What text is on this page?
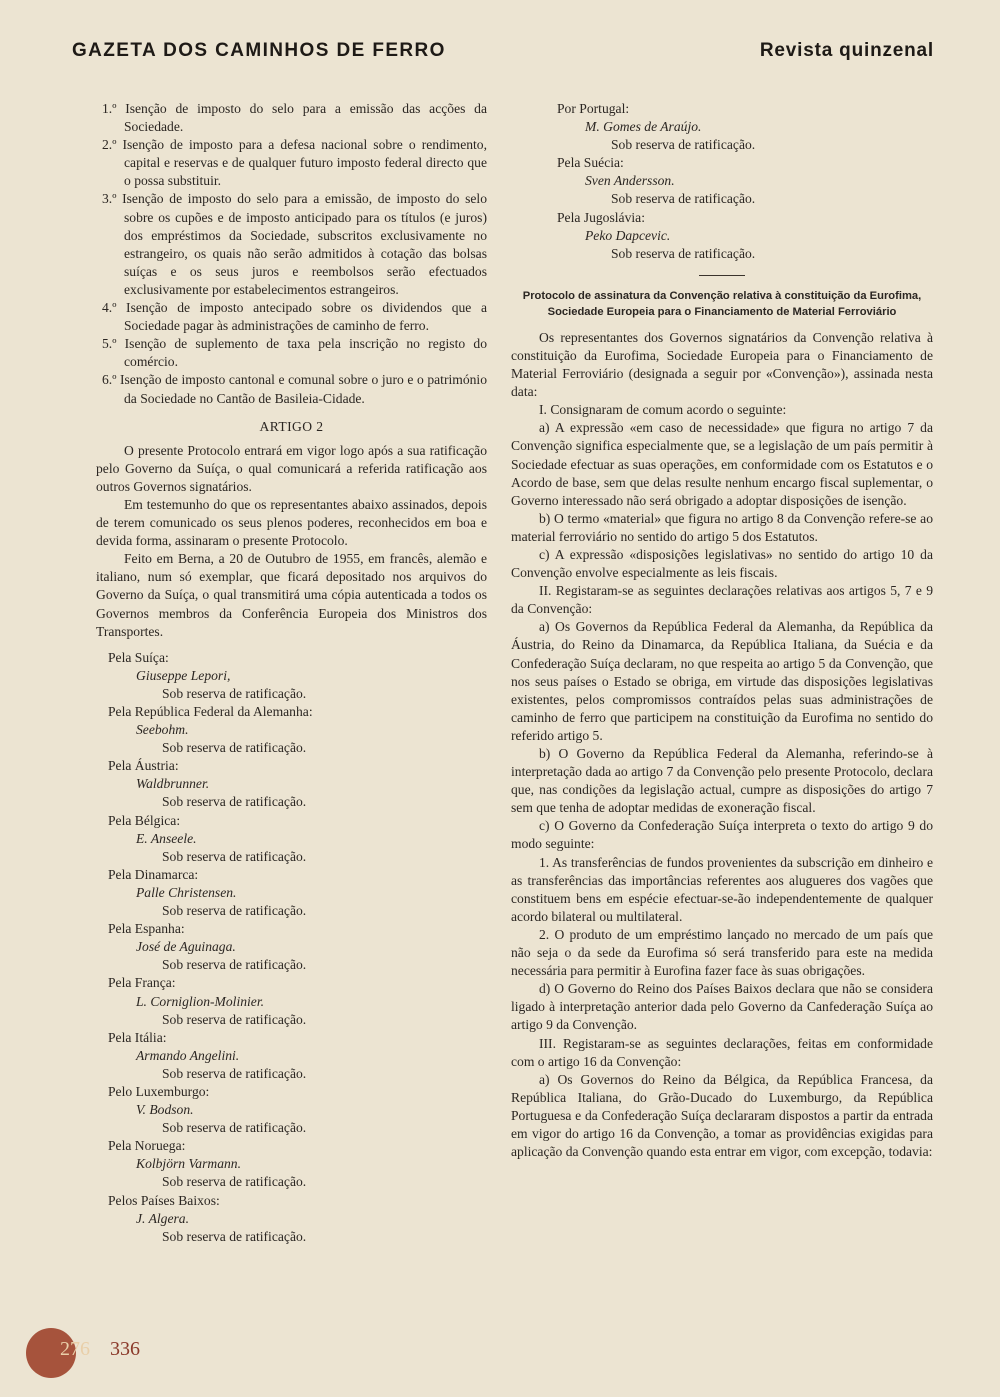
GAZETA DOS CAMINHOS DE FERRO	Revista quinzenal

1.º Isenção de imposto do selo para a emissão das acções da Sociedade.

2.º Isenção de imposto para a defesa nacional sobre o rendimento, capital e reservas e de qualquer futuro imposto federal directo que o possa substituir.

3.º Isenção de imposto do selo para a emissão, de imposto do selo sobre os cupões e de imposto anticipado para os títulos (e juros) dos empréstimos da Sociedade, subscritos exclusivamente no estrangeiro, os quais não serão admitidos à cotação das bolsas suíças e os seus juros e reembolsos serão efectuados exclusivamente por estabelecimentos estrangeiros.

4.º Isenção de imposto antecipado sobre os dividendos que a Sociedade pagar às administrações de caminho de ferro.

5.º Isenção de suplemento de taxa pela inscrição no registo do comércio.

6.º Isenção de imposto cantonal e comunal sobre o juro e o património da Sociedade no Cantão de Basileia-Cidade.

ARTIGO 2

O presente Protocolo entrará em vigor logo após a sua ratificação pelo Governo da Suíça, o qual comunicará a referida ratificação aos outros Governos signatários.

Em testemunho do que os representantes abaixo assinados, depois de terem comunicado os seus plenos poderes, reconhecidos em boa e devida forma, assinaram o presente Protocolo.

Feito em Berna, a 20 de Outubro de 1955, em francês, alemão e italiano, num só exemplar, que ficará depositado nos arquivos do Governo da Suíça, o qual transmitirá uma cópia autenticada a todos os Governos membros da Conferência Europeia dos Ministros dos Transportes.

Pela Suíça:
Giuseppe Lepori,
Sob reserva de ratificação.
Pela República Federal da Alemanha:
Seebohm.
Sob reserva de ratificação.
Pela Áustria:
Waldbrunner.
Sob reserva de ratificação.
Pela Bélgica:
E. Anseele.
Sob reserva de ratificação.
Pela Dinamarca:
Palle Christensen.
Sob reserva de ratificação.
Pela Espanha:
José de Aguinaga.
Sob reserva de ratificação.
Pela França:
L. Corniglion-Molinier.
Sob reserva de ratificação.
Pela Itália:
Armando Angelini.
Sob reserva de ratificação.
Pelo Luxemburgo:
V. Bodson.
Sob reserva de ratificação.
Pela Noruega:
Kolbjörn Varmann.
Sob reserva de ratificação.
Pelos Países Baixos:
J. Algera.
Sob reserva de ratificação.
Por Portugal:
M. Gomes de Araújo.
Sob reserva de ratificação.
Pela Suécia:
Sven Andersson.
Sob reserva de ratificação.
Pela Jugoslávia:
Peko Dapcevic.
Sob reserva de ratificação.

Protocolo de assinatura da Convenção relativa à constituição da Eurofima, Sociedade Europeia para o Financiamento de Material Ferroviário

Os representantes dos Governos signatários da Convenção relativa à constituição da Eurofima, Sociedade Europeia para o Financiamento de Material Ferroviário (designada a seguir por «Convenção»), assinada nesta data:

I. Consignaram de comum acordo o seguinte:

a) A expressão «em caso de necessidade» que figura no artigo 7 da Convenção significa especialmente que, se a legislação de um país permitir à Sociedade efectuar as suas operações, em conformidade com os Estatutos e o Acordo de base, sem que delas resulte nenhum encargo fiscal suplementar, o Governo interessado não será obrigado a adoptar disposições de isenção.

b) O termo «material» que figura no artigo 8 da Convenção refere-se ao material ferroviário no sentido do artigo 5 dos Estatutos.

c) A expressão «disposições legislativas» no sentido do artigo 10 da Convenção envolve especialmente as leis fiscais.

II. Registaram-se as seguintes declarações relativas aos artigos 5, 7 e 9 da Convenção:

a) Os Governos da República Federal da Alemanha, da República da Áustria, do Reino da Dinamarca, da República Italiana, da Suécia e da Confederação Suíça declaram, no que respeita ao artigo 5 da Convenção, que nos seus países o Estado se obriga, em virtude das disposições legislativas existentes, pelos compromissos contraídos pelas suas administrações de caminho de ferro que participem na constituição da Eurofima no sentido do referido artigo 5.

b) O Governo da República Federal da Alemanha, referindo-se à interpretação dada ao artigo 7 da Convenção pelo presente Protocolo, declara que, nas condições da legislação actual, cumpre as disposições do artigo 7 sem que tenha de adoptar medidas de exoneração fiscal.

c) O Governo da Confederação Suíça interpreta o texto do artigo 9 do modo seguinte:

1. As transferências de fundos provenientes da subscrição em dinheiro e as transferências das importâncias referentes aos alugueres dos vagões que constituem bens em espécie efectuar-se-ão independentemente de qualquer acordo bilateral ou multilateral.

2. O produto de um empréstimo lançado no mercado de um país que não seja o da sede da Eurofima só será transferido para este na medida necessária para permitir à Eurofina fazer face às suas obrigações.

d) O Governo do Reino dos Países Baixos declara que não se considera ligado à interpretação anterior dada pelo Governo da Canfederação Suíça ao artigo 9 da Convenção.

III. Registaram-se as seguintes declarações, feitas em conformidade com o artigo 16 da Convenção:

a) Os Governos do Reino da Bélgica, da República Francesa, da República Italiana, do Grão-Ducado do Luxemburgo, da República Portuguesa e da Confederação Suíça declararam dispostos a partir da entrada em vigor do artigo 16 da Convenção, a tomar as providências exigidas para aplicação da Convenção quando esta entrar em vigor, com excepção, todavia:

276 336
